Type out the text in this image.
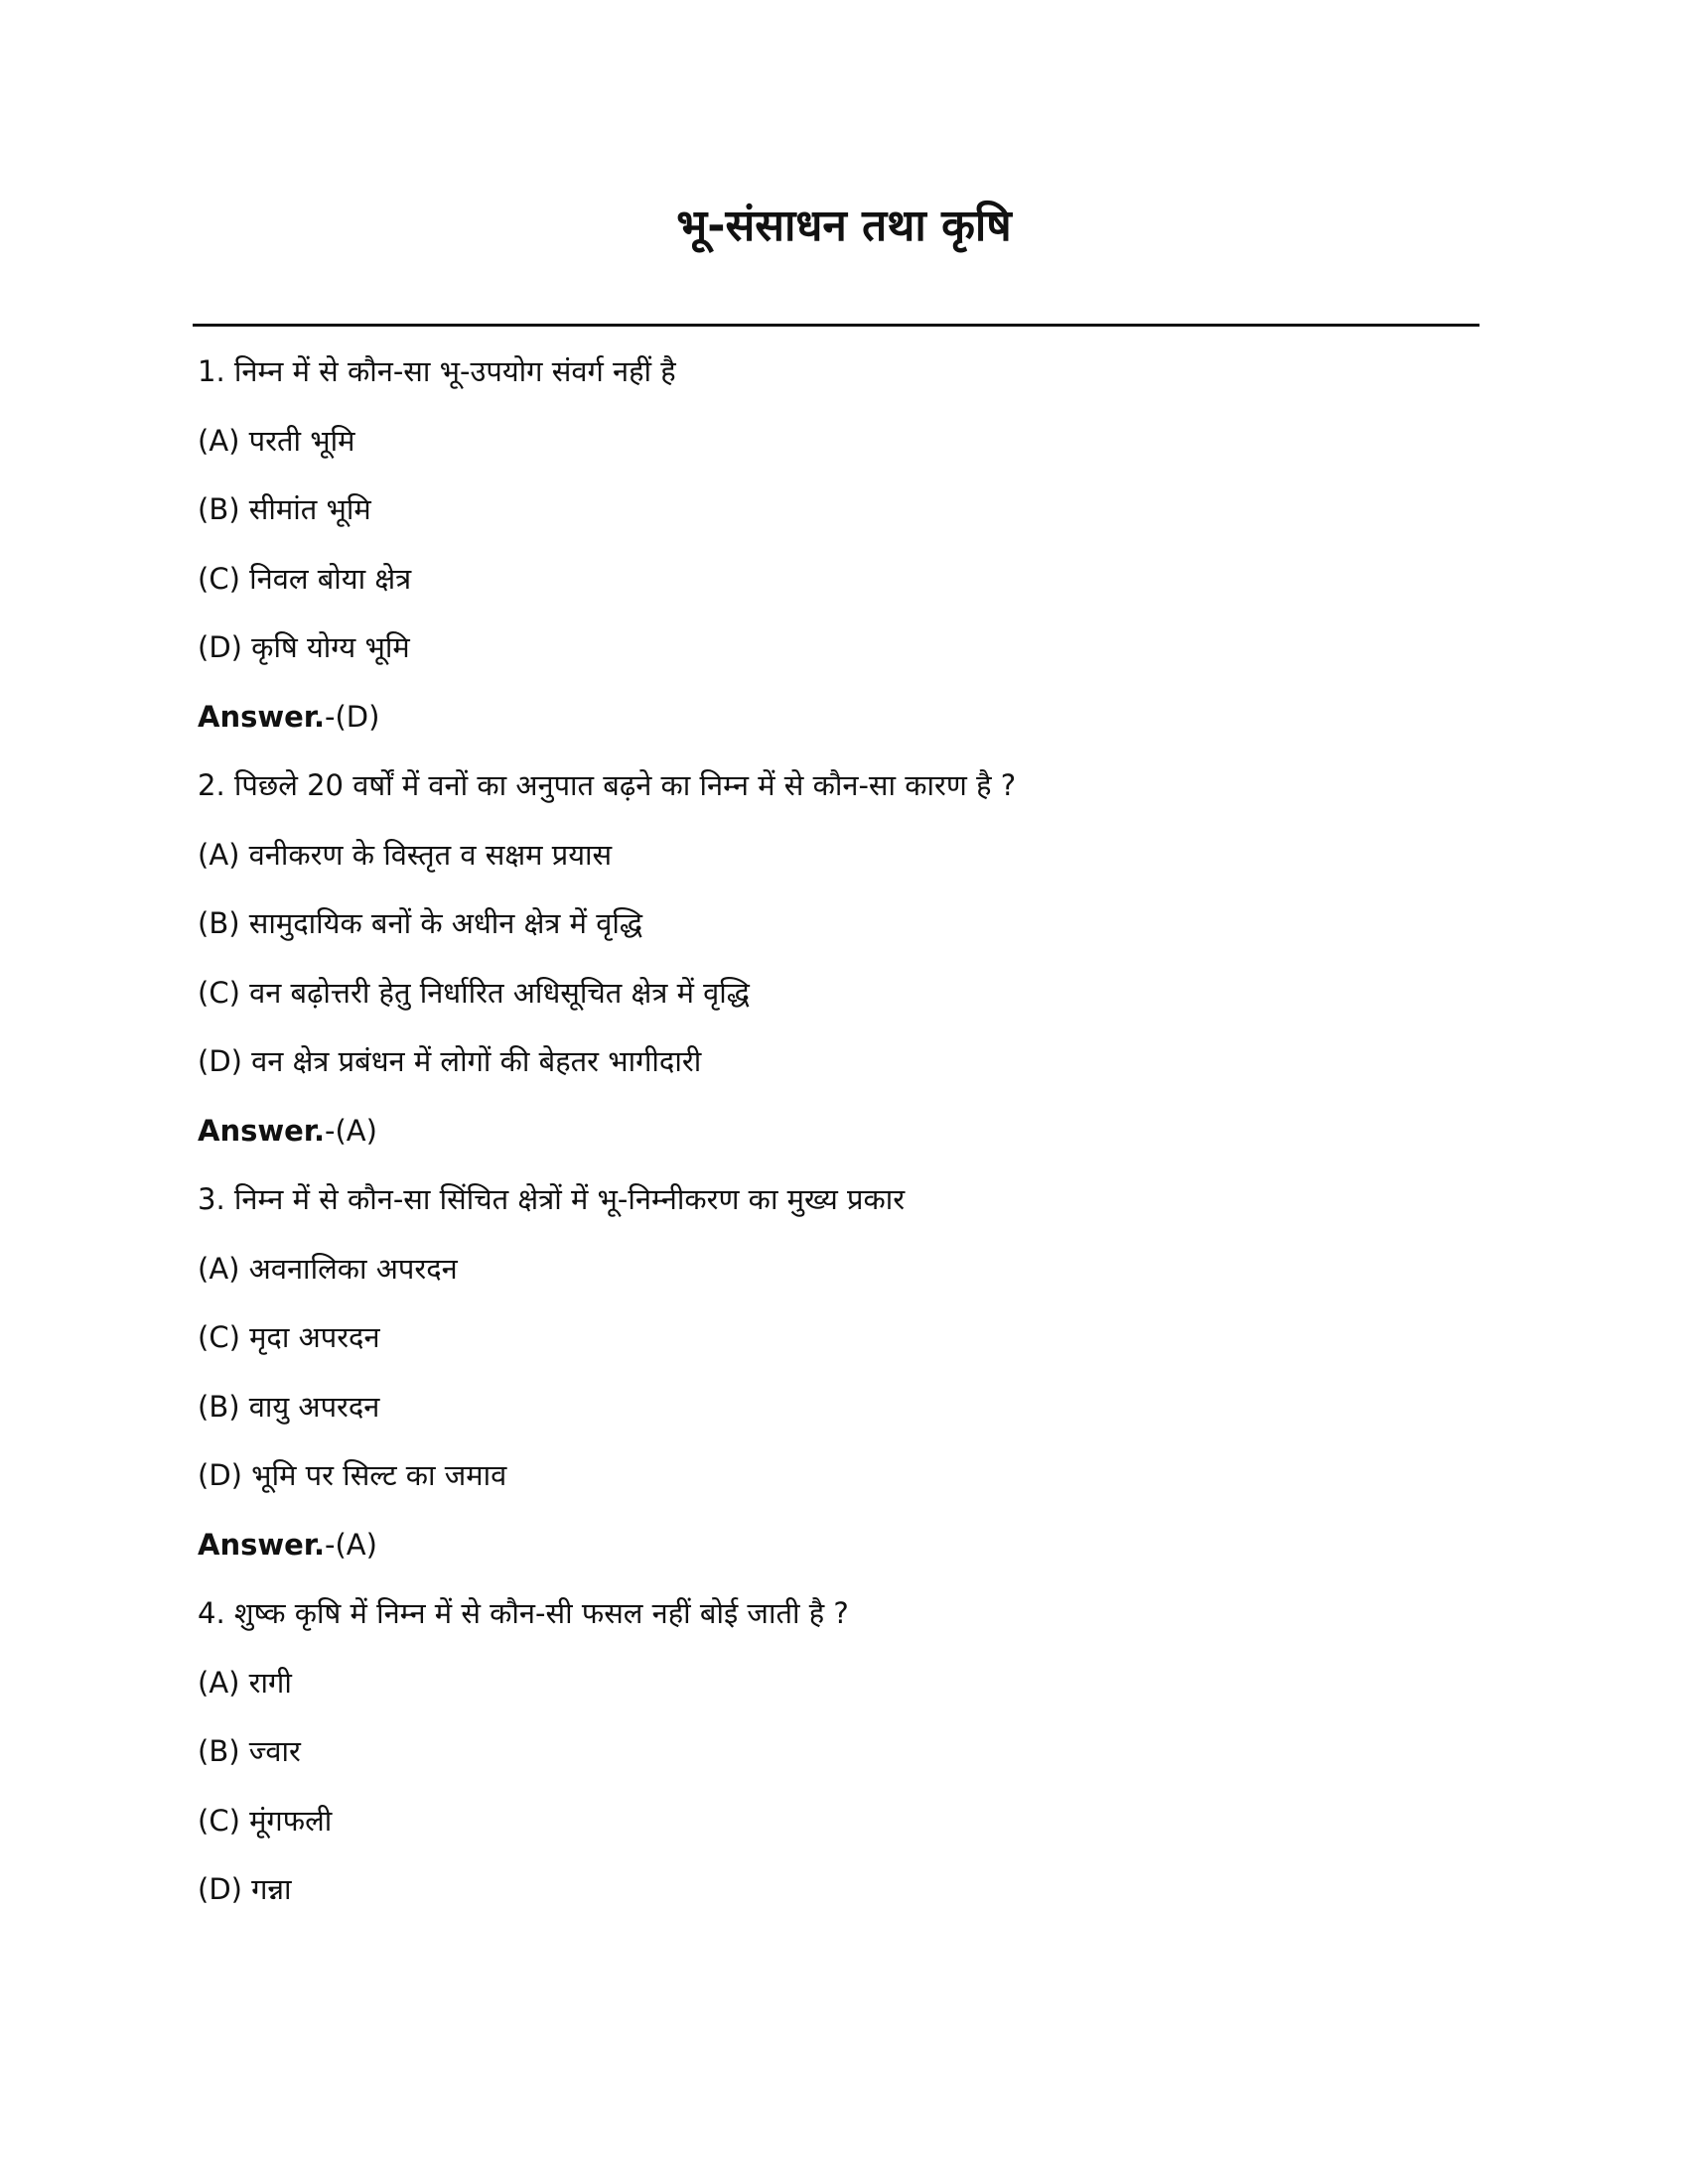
भू-संसाधन तथा कृषि
1. निम्न में से कौन-सा भू-उपयोग संवर्ग नहीं है
(A) परती भूमि
(B) सीमांत भूमि
(C) निवल बोया क्षेत्र
(D) कृषि योग्य भूमि
Answer.-(D)
2. पिछले 20 वर्षों में वनों का अनुपात बढ़ने का निम्न में से कौन-सा कारण है ?
(A) वनीकरण के विस्तृत व सक्षम प्रयास
(B) सामुदायिक बनों के अधीन क्षेत्र में वृद्धि
(C) वन बढ़ोत्तरी हेतु निर्धारित अधिसूचित क्षेत्र में वृद्धि
(D) वन क्षेत्र प्रबंधन में लोगों की बेहतर भागीदारी
Answer.-(A)
3. निम्न में से कौन-सा सिंचित क्षेत्रों में भू-निम्नीकरण का मुख्य प्रकार
(A) अवनालिका अपरदन
(C) मृदा अपरदन
(B) वायु अपरदन
(D) भूमि पर सिल्ट का जमाव
Answer.-(A)
4. शुष्क कृषि में निम्न में से कौन-सी फसल नहीं बोई जाती है ?
(A) रागी
(B) ज्वार
(C) मूंगफली
(D) गन्ना
